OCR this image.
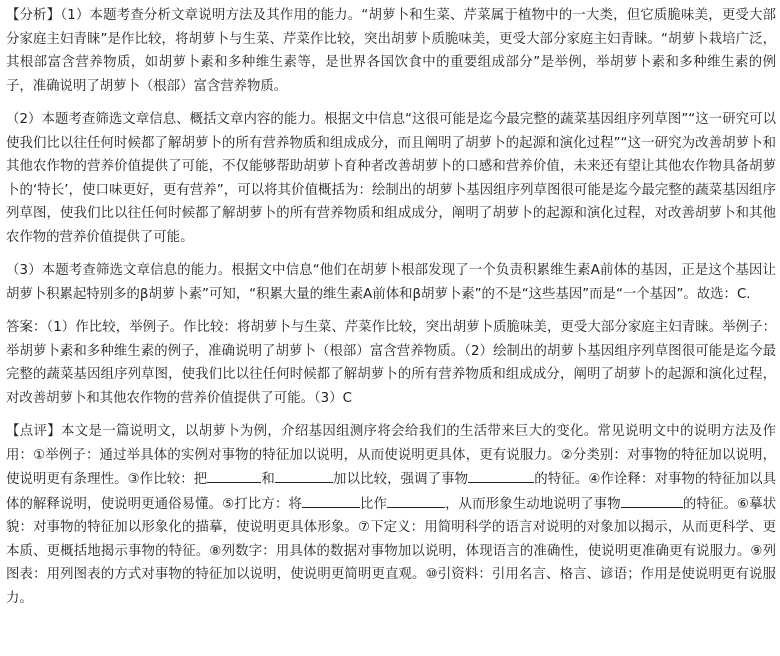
【分析】（1）本题考查分析文章说明方法及其作用的能力。“胡萝卜和生菜、芹菜属于植物中的一大类，但它质脆味美，更受大部分家庭主妇青睐”是作比较，将胡萝卜与生菜、芹菜作比较，突出胡萝卜质脆味美，更受大部分家庭主妇青睐。“胡萝卜栽培广泛，其根部富含营养物质，如胡萝卜素和多种维生素等，是世界各国饮食中的重要组成部分”是举例，举胡萝卜素和多种维生素的例子，准确说明了胡萝卜（根部）富含营养物质。

（2）本题考查筛选文章信息、概括文章内容的能力。根据文中信息“这很可能是迄今最完整的蔬菜基因组序列草图”“这一研究可以使我们比以往任何时候都了解胡萝卜的所有营养物质和组成成分，而且阐明了胡萝卜的起源和演化过程”“这一研究为改善胡萝卜和其他农作物的营养价值提供了可能，不仅能够帮助胡萝卜育种者改善胡萝卜的口感和营养价值，未来还有望让其他农作物具备胡萝卜的‘特长’，使口味更好，更有营养”，可以将其价值概括为：绘制出的胡萝卜基因组序列草图很可能是迄今最完整的蔬菜基因组序列草图，使我们比以往任何时候都了解胡萝卜的所有营养物质和组成成分，阐明了胡萝卜的起源和演化过程，对改善胡萝卜和其他农作物的营养价值提供了可能。

（3）本题考查筛选文章信息的能力。根据文中信息“他们在胡萝卜根部发现了一个负责积累维生素A前体的基因，正是这个基因让胡萝卜积累起特别多的β胡萝卜素”可知，“积累大量的维生素A前体和β胡萝卜素”的不是“这些基因”而是“一个基因”。故选：C.

答案：（1）作比较，举例子。作比较：将胡萝卜与生菜、芹菜作比较，突出胡萝卜质脆味美，更受大部分家庭主妇青睐。举例子：举胡萝卜素和多种维生素的例子，准确说明了胡萝卜（根部）富含营养物质。（2）绘制出的胡萝卜基因组序列草图很可能是迄今最完整的蔬菜基因组序列草图，使我们比以往任何时候都了解胡萝卜的所有营养物质和组成成分，阐明了胡萝卜的起源和演化过程，对改善胡萝卜和其他农作物的营养价值提供了可能。（3）C

【点评】本文是一篇说明文，以胡萝卜为例，介绍基因组测序将会给我们的生活带来巨大的变化。常见说明文中的说明方法及作用：①举例子：通过举具体的实例对事物的特征加以说明，从而使说明更具体，更有说服力。②分类别：对事物的特征加以说明，使说明更有条理性。③作比较：把	和	加以比较，强调了事物	的特征。④作诠释：对事物的特征加以具体的解释说明，使说明更通俗易懂。⑤打比方：将	比作	，从而形象生动地说明了事物	的特征。⑥摹状貌：对事物的特征加以形象化的描摹，使说明更具体形象。⑦下定义：用简明科学的语言对说明的对象加以揭示，从而更科学、更本质、更概括地揭示事物的特征。⑧列数字：用具体的数据对事物加以说明，体现语言的准确性，使说明更准确更有说服力。⑨列图表：用列图表的方式对事物的特征加以说明，使说明更简明更直观。⑩引资料：引用名言、格言、谚语；作用是使说明更有说服力。
